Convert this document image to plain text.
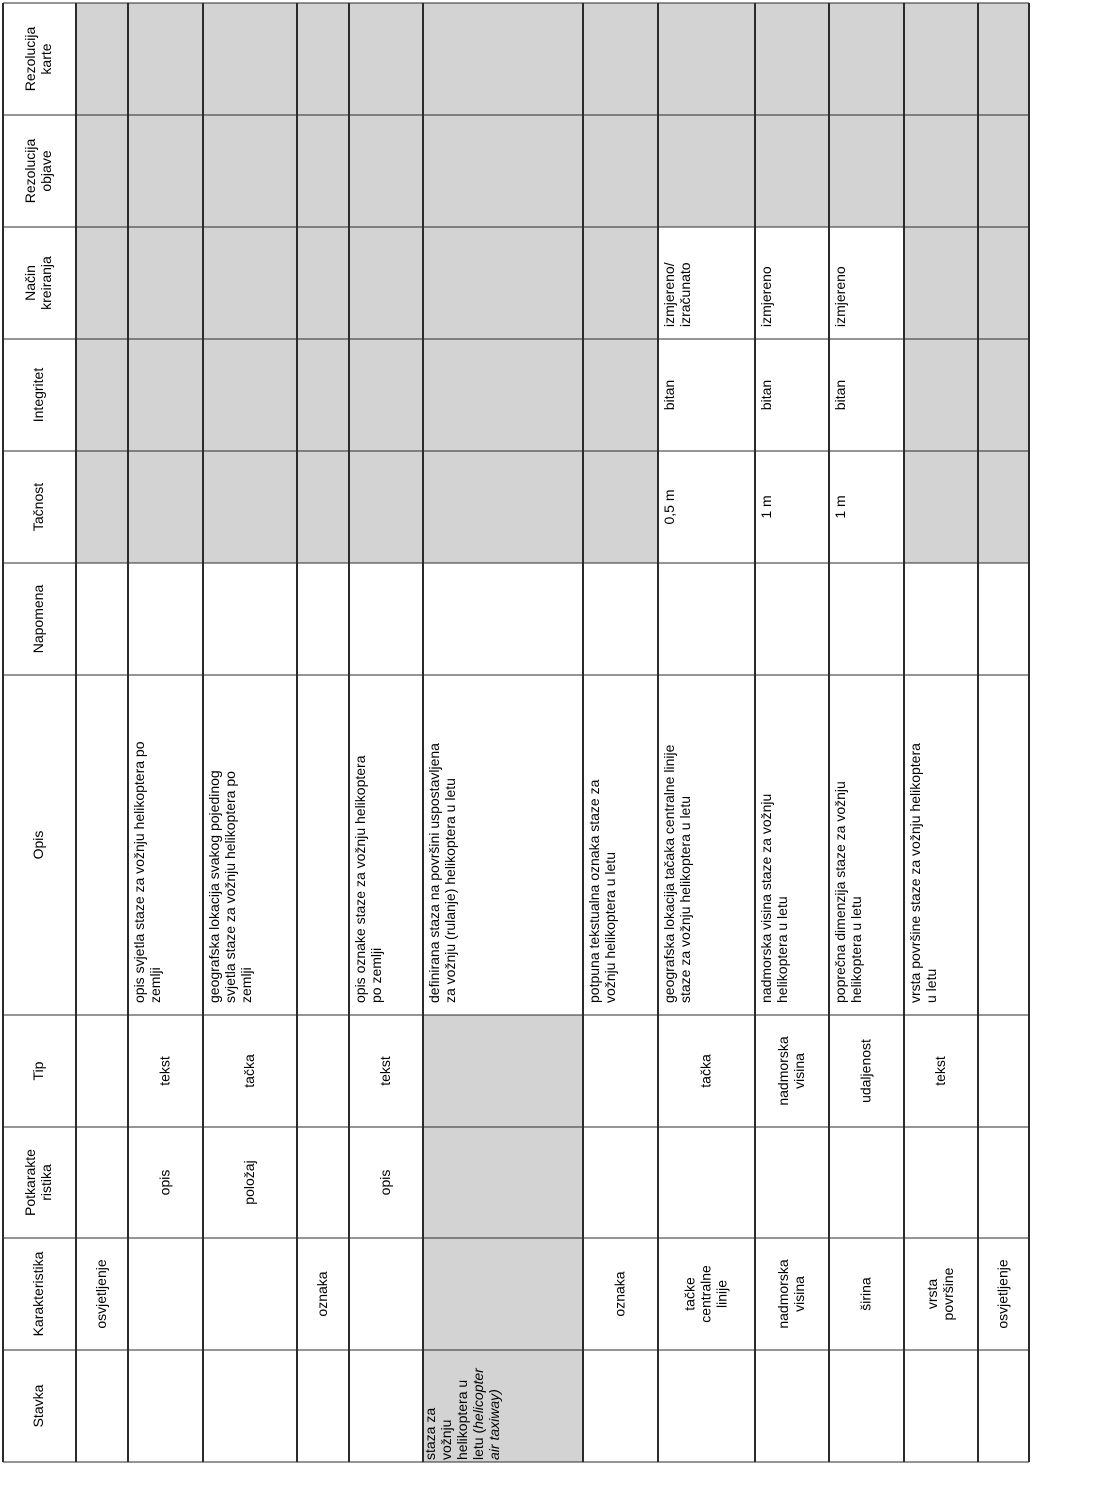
Stavka
Karakteristika
Potkarakte ristika
Tip
Opis
Napomena
Tačnost
Integritet
Način kreiranja
Rezolucija objave
Rezolucija karte
osvjetljenje
opis
tekst
opis svjetla staze za vožnju helikoptera po zemlji
položaj
tačka
geografska lokacija svakog pojedinog svjetla staze za vožnju helikoptera po zemlji
oznaka
opis
tekst
opis oznake staze za vožnju helikoptera po zemlji	definirana staza na površini uspostavljena za vožnju (rulanje) helikoptera u letu
staza za vožnju helikoptera u letu (helicopter air taxiway)
oznaka
potpuna tekstualna oznaka staze za vožnju helikoptera u letu
tačke centralne linije
tačka
geografska lokacija tačaka centralne linije staze za vožnju helikoptera u letu
0,5 m
bitan
izmjereno/ izračunato
nadmorska visina
nadmorska visina
nadmorska visina staze za vožnju helikoptera u letu
1 m
bitan
izmjereno
širina
udaljenost
poprečna dimenzija staze za vožnju helikoptera u letu
1 m
bitan
izmjereno
vrsta površine
tekst
vrsta površine staze za vožnju helikoptera u letu
osvjetljenje
